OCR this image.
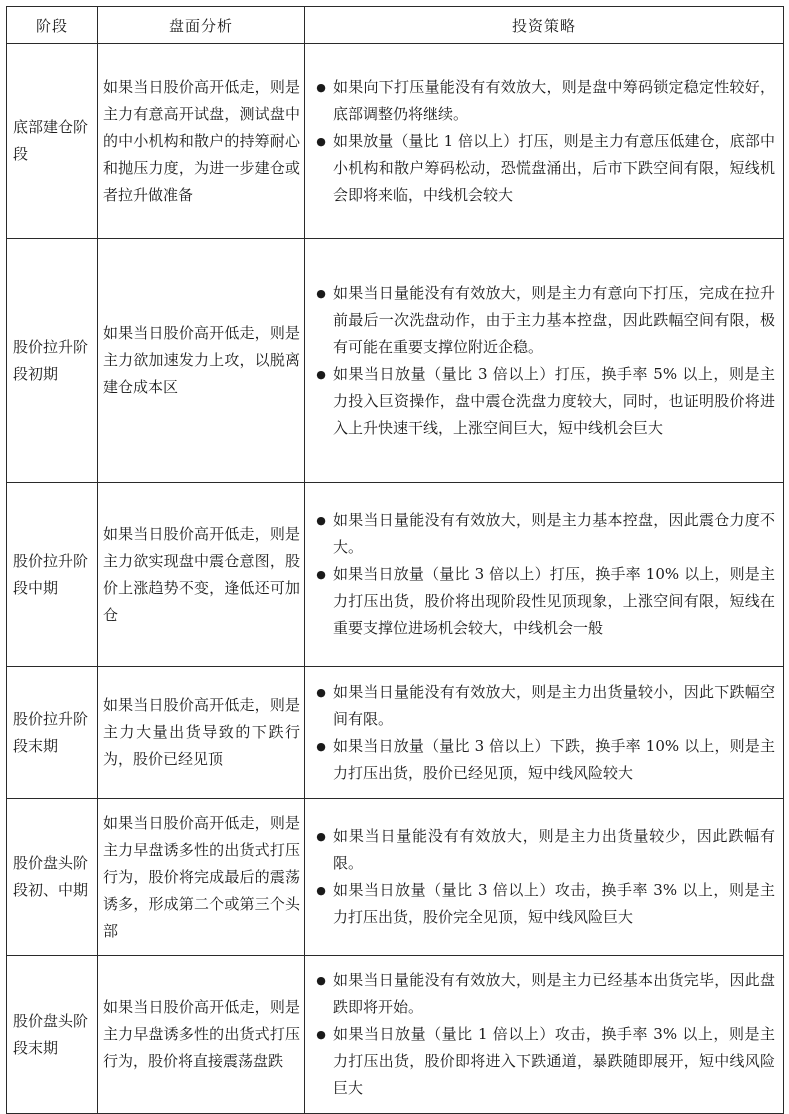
阶段	盘面分析	投资策略
底部建仓阶段	如果当日股价高开低走，则是主力有意高开试盘，测试盘中的中小机构和散户的持筹耐心和抛压力度，为进一步建仓或者拉升做准备	● 如果向下打压量能没有有效放大，则是盘中筹码锁定稳定性较好，底部调整仍将继续。
● 如果放量（量比 1 倍以上）打压，则是主力有意压低建仓，底部中小机构和散户筹码松动，恐慌盘涌出，后市下跌空间有限，短线机会即将来临，中线机会较大

股价拉升阶段初期	如果当日股价高开低走，则是主力欲加速发力上攻，以脱离建仓成本区	● 如果当日量能没有有效放大，则是主力有意向下打压，完成在拉升前最后一次洗盘动作，由于主力基本控盘，因此跌幅空间有限，极有可能在重要支撑位附近企稳。
● 如果当日放量（量比 3 倍以上）打压，换手率 5% 以上，则是主力投入巨资操作，盘中震仓洗盘力度较大，同时，也证明股价将进入上升快速干线，上涨空间巨大，短中线机会巨大

股价拉升阶段中期	如果当日股价高开低走，则是主力欲实现盘中震仓意图，股价上涨趋势不变，逢低还可加仓	● 如果当日量能没有有效放大，则是主力基本控盘，因此震仓力度不大。
● 如果当日放量（量比 3 倍以上）打压，换手率 10% 以上，则是主力打压出货，股价将出现阶段性见顶现象，上涨空间有限，短线在重要支撑位进场机会较大，中线机会一般

股价拉升阶段末期	如果当日股价高开低走，则是主力大量出货导致的下跌行为，股价已经见顶	● 如果当日量能没有有效放大，则是主力出货量较小，因此下跌幅空间有限。
● 如果当日放量（量比 3 倍以上）下跌，换手率 10% 以上，则是主力打压出货，股价已经见顶，短中线风险较大

股价盘头阶段初、中期	如果当日股价高开低走，则是主力早盘诱多性的出货式打压行为，股价将完成最后的震荡诱多，形成第二个或第三个头部	● 如果当日量能没有有效放大，则是主力出货量较少，因此跌幅有限。
● 如果当日放量（量比 3 倍以上）攻击，换手率 3% 以上，则是主力打压出货，股价完全见顶，短中线风险巨大

股价盘头阶段末期	如果当日股价高开低走，则是主力早盘诱多性的出货式打压行为，股价将直接震荡盘跌	● 如果当日量能没有有效放大，则是主力已经基本出货完毕，因此盘跌即将开始。
● 如果当日放量（量比 1 倍以上）攻击，换手率 3% 以上，则是主力打压出货，股价即将进入下跌通道，暴跌随即展开，短中线风险巨大
